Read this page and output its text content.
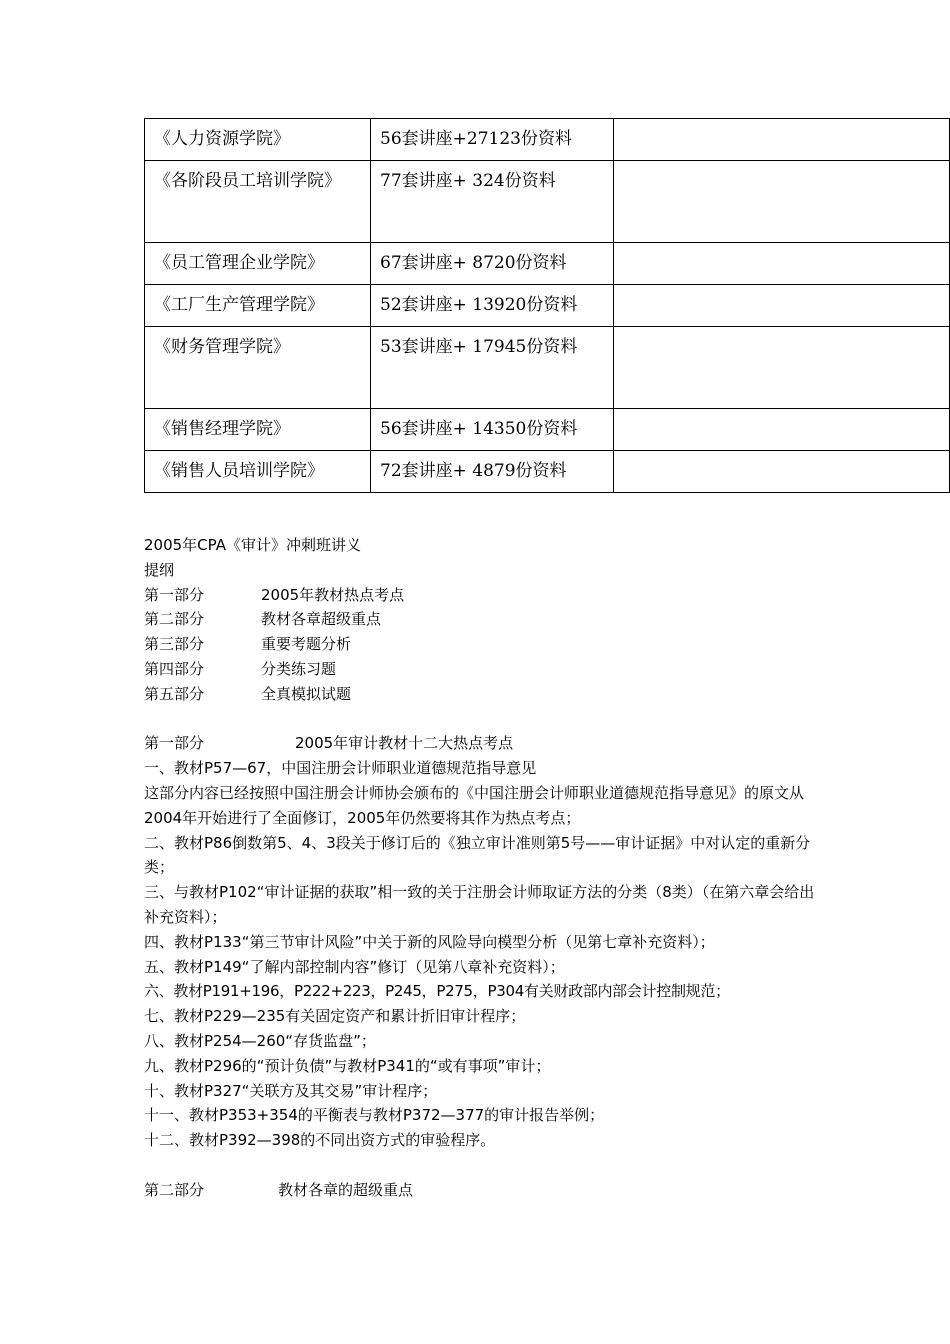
《人力资源学院》	56套讲座+27123份资料	

《各阶段员工培训学院》	77套讲座+ 324份资料	

《员工管理企业学院》	67套讲座+ 8720份资料	

《工厂生产管理学院》	52套讲座+ 13920份资料	

《财务管理学院》	53套讲座+ 17945份资料	

《销售经理学院》	56套讲座+ 14350份资料	

《销售人员培训学院》	72套讲座+ 4879份资料	

2005年CPA《审计》冲刺班讲义

提纲

第一部分	2005年教材热点考点
第二部分	教材各章超级重点
第三部分	重要考题分析
第四部分	分类练习题
第五部分	全真模拟试题
第一部分	2005年审计教材十二大热点考点

一、教材P57—67，中国注册会计师职业道德规范指导意见

这部分内容已经按照中国注册会计师协会颁布的《中国注册会计师职业道德规范指导意见》的原文从2004年开始进行了全面修订，2005年仍然要将其作为热点考点；

二、教材P86倒数第5、4、3段关于修订后的《独立审计准则第5号——审计证据》中对认定的重新分类；

三、与教材P102“审计证据的获取”相一致的关于注册会计师取证方法的分类（8类）（在第六章会给出补充资料）；

四、教材P133“第三节审计风险”中关于新的风险导向模型分析（见第七章补充资料）；

五、教材P149“了解内部控制内容”修订（见第八章补充资料）；

六、教材P191+196，P222+223，P245，P275，P304有关财政部内部会计控制规范；

七、教材P229—235有关固定资产和累计折旧审计程序；

八、教材P254—260“存货监盘”；

九、教材P296的“预计负债”与教材P341的“或有事项”审计；

十、教材P327“关联方及其交易”审计程序；

十一、教材P353+354的平衡表与教材P372—377的审计报告举例；

十二、教材P392—398的不同出资方式的审验程序。

第二部分	教材各章的超级重点
